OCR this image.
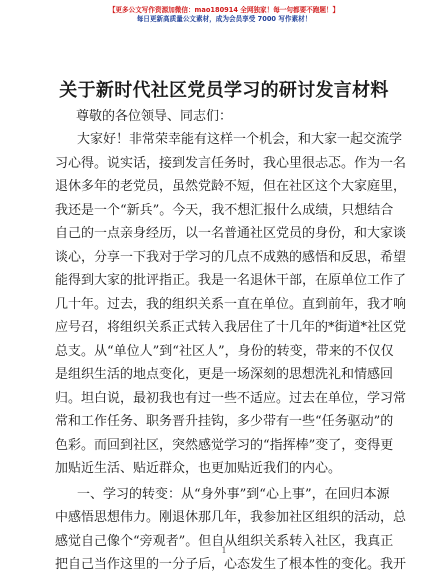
【更多公文写作资源加微信：mao180914 全网独家！每一句都要不跑题！】
每日更新高质量公文素材，成为会员享受 7000 写作素材！
关于新时代社区党员学习的研讨发言材料
尊敬的各位领导、同志们：
大家好！非常荣幸能有这样一个机会，和大家一起交流学
习心得。说实话，接到发言任务时，我心里很忐忑。作为一名
退休多年的老党员，虽然党龄不短，但在社区这个大家庭里，
我还是一个“新兵”。今天，我不想汇报什么成绩，只想结合
自己的一点亲身经历，以一名普通社区党员的身份，和大家谈
谈心，分享一下我对于学习的几点不成熟的感悟和反思，希望
能得到大家的批评指正。我是一名退休干部，在原单位工作了
几十年。过去，我的组织关系一直在单位。直到前年，我才响
应号召，将组织关系正式转入我居住了十几年的*街道*社区党
总支。从“单位人”到“社区人”，身份的转变，带来的不仅仅
是组织生活的地点变化，更是一场深刻的思想洗礼和情感回
归。坦白说，最初我也有过一些不适应。过去在单位，学习常
常和工作任务、职务晋升挂钩，多少带有一些“任务驱动”的
色彩。而回到社区，突然感觉学习的“指挥棒”变了，变得更
加贴近生活、贴近群众，也更加贴近我们的内心。
一、学习的转变：从“身外事”到“心上事”，在回归本源
中感悟思想伟力。刚退休那几年，我参加社区组织的活动，总
感觉自己像个“旁观者”。但自从组织关系转入社区，我真正
把自己当作这里的一分子后，心态发生了根本性的变化。我开
1
